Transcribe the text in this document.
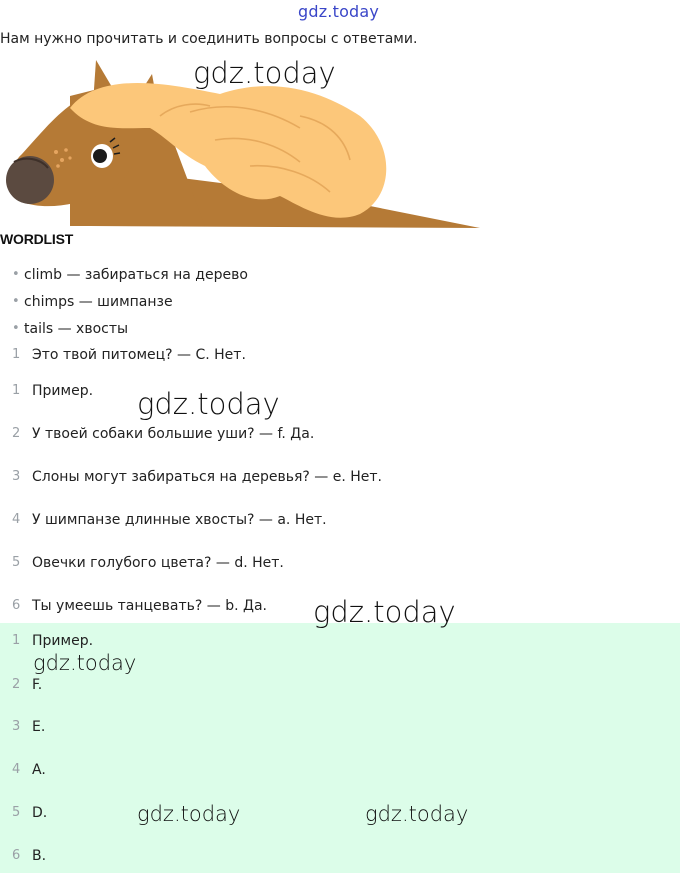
gdz.today
Нам нужно прочитать и соединить вопросы с ответами.
gdz.today
gdz.today
gdz.today
gdz.today
gdz.today	gdz.today
WORDLIST
• climb — забираться на дерево
• chimps — шимпанзе
• tails — хвосты
1 Это твой питомец? — С. Нет.
1 Пример.
2 У твоей собаки большие уши? — f. Да.
3 Слоны могут забираться на деревья? — е. Нет.
4 У шимпанзе длинные хвосты? — а. Нет.
5 Овечки голубого цвета? — d. Нет.
6 Ты умеешь танцевать? — b. Да.
1 Пример.
2 F.
3 E.
4 A.
5 D.
6 B.
